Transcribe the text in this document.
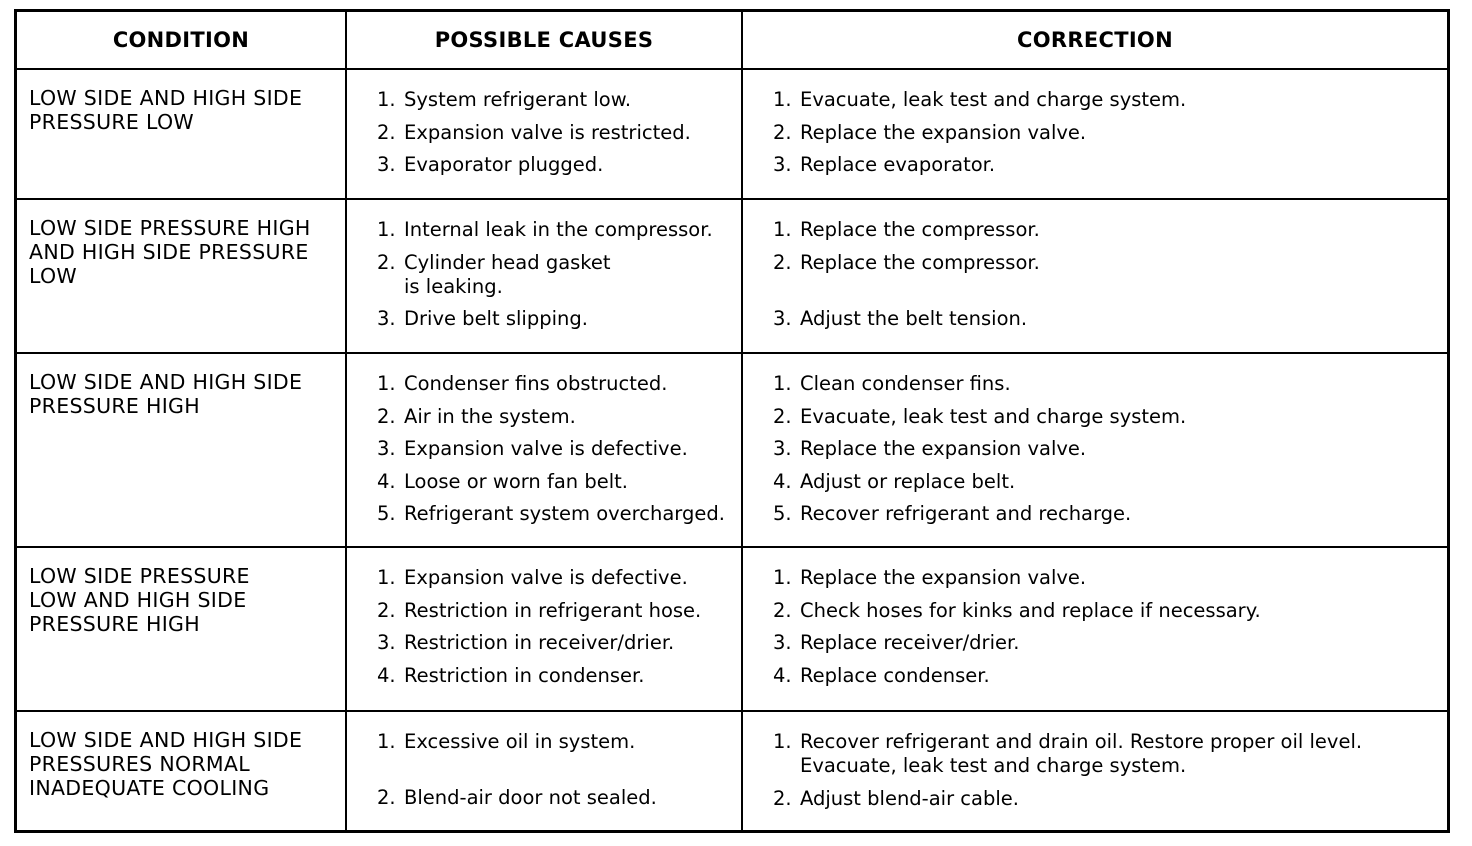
CONDITION	POSSIBLE CAUSES	CORRECTION
LOW SIDE AND HIGH SIDE
PRESSURE LOW
1. System refrigerant low.
2. Expansion valve is restricted.
3. Evaporator plugged.
1. Evacuate, leak test and charge system.
2. Replace the expansion valve.
3. Replace evaporator.
LOW SIDE PRESSURE HIGH
AND HIGH SIDE PRESSURE
LOW
1. Internal leak in the compressor.
2. Cylinder head gasket is leaking.
3. Drive belt slipping.
1. Replace the compressor.
2. Replace the compressor.
3. Adjust the belt tension.
LOW SIDE AND HIGH SIDE
PRESSURE HIGH
1. Condenser fins obstructed.
2. Air in the system.
3. Expansion valve is defective.
4. Loose or worn fan belt.
5. Refrigerant system overcharged.
1. Clean condenser fins.
2. Evacuate, leak test and charge system.
3. Replace the expansion valve.
4. Adjust or replace belt.
5. Recover refrigerant and recharge.
LOW SIDE PRESSURE
LOW AND HIGH SIDE
PRESSURE HIGH
1. Expansion valve is defective.
2. Restriction in refrigerant hose.
3. Restriction in receiver/drier.
4. Restriction in condenser.
1. Replace the expansion valve.
2. Check hoses for kinks and replace if necessary.
3. Replace receiver/drier.
4. Replace condenser.
LOW SIDE AND HIGH SIDE
PRESSURES NORMAL
INADEQUATE COOLING
1. Excessive oil in system.
2. Blend-air door not sealed.
1. Recover refrigerant and drain oil. Restore proper oil level. Evacuate, leak test and charge system.
2. Adjust blend-air cable.
